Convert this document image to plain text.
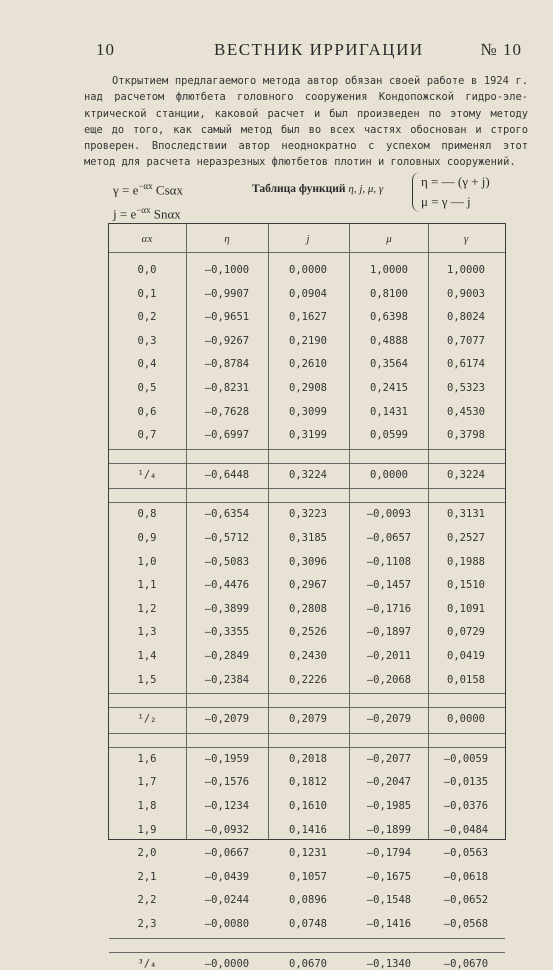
10	ВЕСТНИК ИРРИГАЦИИ	№ 10
Открытием предлагаемого метода автор обязан своей работе в 1924 г. над расчетом флютбета головного сооружения Кондопожской гидро-эле- ктрической станции, каковой расчет и был произведен по этому методу еще до того, как самый метод был во всех частях обоснован и строго проверен. Впоследствии автор неоднократно с успехом применял этот метод для расчета неразрезных флютбетов плотин и головных сооружений.
$\gamma = e^{-\alpha x}$ Csαx
$j = e^{-\alpha x}$ Snαx
Таблица функций η, j, μ, γ	η = — (γ + j)
μ = γ — j
αx	η	j	μ	γ
0,0	—0,1000	0,0000	1,0000	1,0000
0,1	—0,9907	0,0904	0,8100	0,9003
0,2	—0,9651	0,1627	0,6398	0,8024
0,3	—0,9267	0,2190	0,4888	0,7077
0,4	—0,8784	0,2610	0,3564	0,6174
0,5	—0,8231	0,2908	0,2415	0,5323
0,6	—0,7628	0,3099	0,1431	0,4530
0,7	—0,6997	0,3199	0,0599	0,3798
¹/₄	—0,6448	0,3224	0,0000	0,3224
0,8	—0,6354	0,3223	—0,0093	0,3131
0,9	—0,5712	0,3185	—0,0657	0,2527
1,0	—0,5083	0,3096	—0,1108	0,1988
1,1	—0,4476	0,2967	—0,1457	0,1510
1,2	—0,3899	0,2808	—0,1716	0,1091
1,3	—0,3355	0,2526	—0,1897	0,0729
1,4	—0,2849	0,2430	—0,2011	0,0419
1,5	—0,2384	0,2226	—0,2068	0,0158
¹/₂	—0,2079	0,2079	—0,2079	0,0000
1,6	—0,1959	0,2018	—0,2077	—0,0059
1,7	—0,1576	0,1812	—0,2047	—0,0135
1,8	—0,1234	0,1610	—0,1985	—0,0376
1,9	—0,0932	0,1416	—0,1899	—0,0484
2,0	—0,0667	0,1231	—0,1794	—0,0563
2,1	—0,0439	0,1057	—0,1675	—0,0618
2,2	—0,0244	0,0896	—0,1548	—0,0652
2,3	—0,0080	0,0748	—0,1416	—0,0568
³/₄	—0,0000	0,0670	—0,1340	—0,0670
